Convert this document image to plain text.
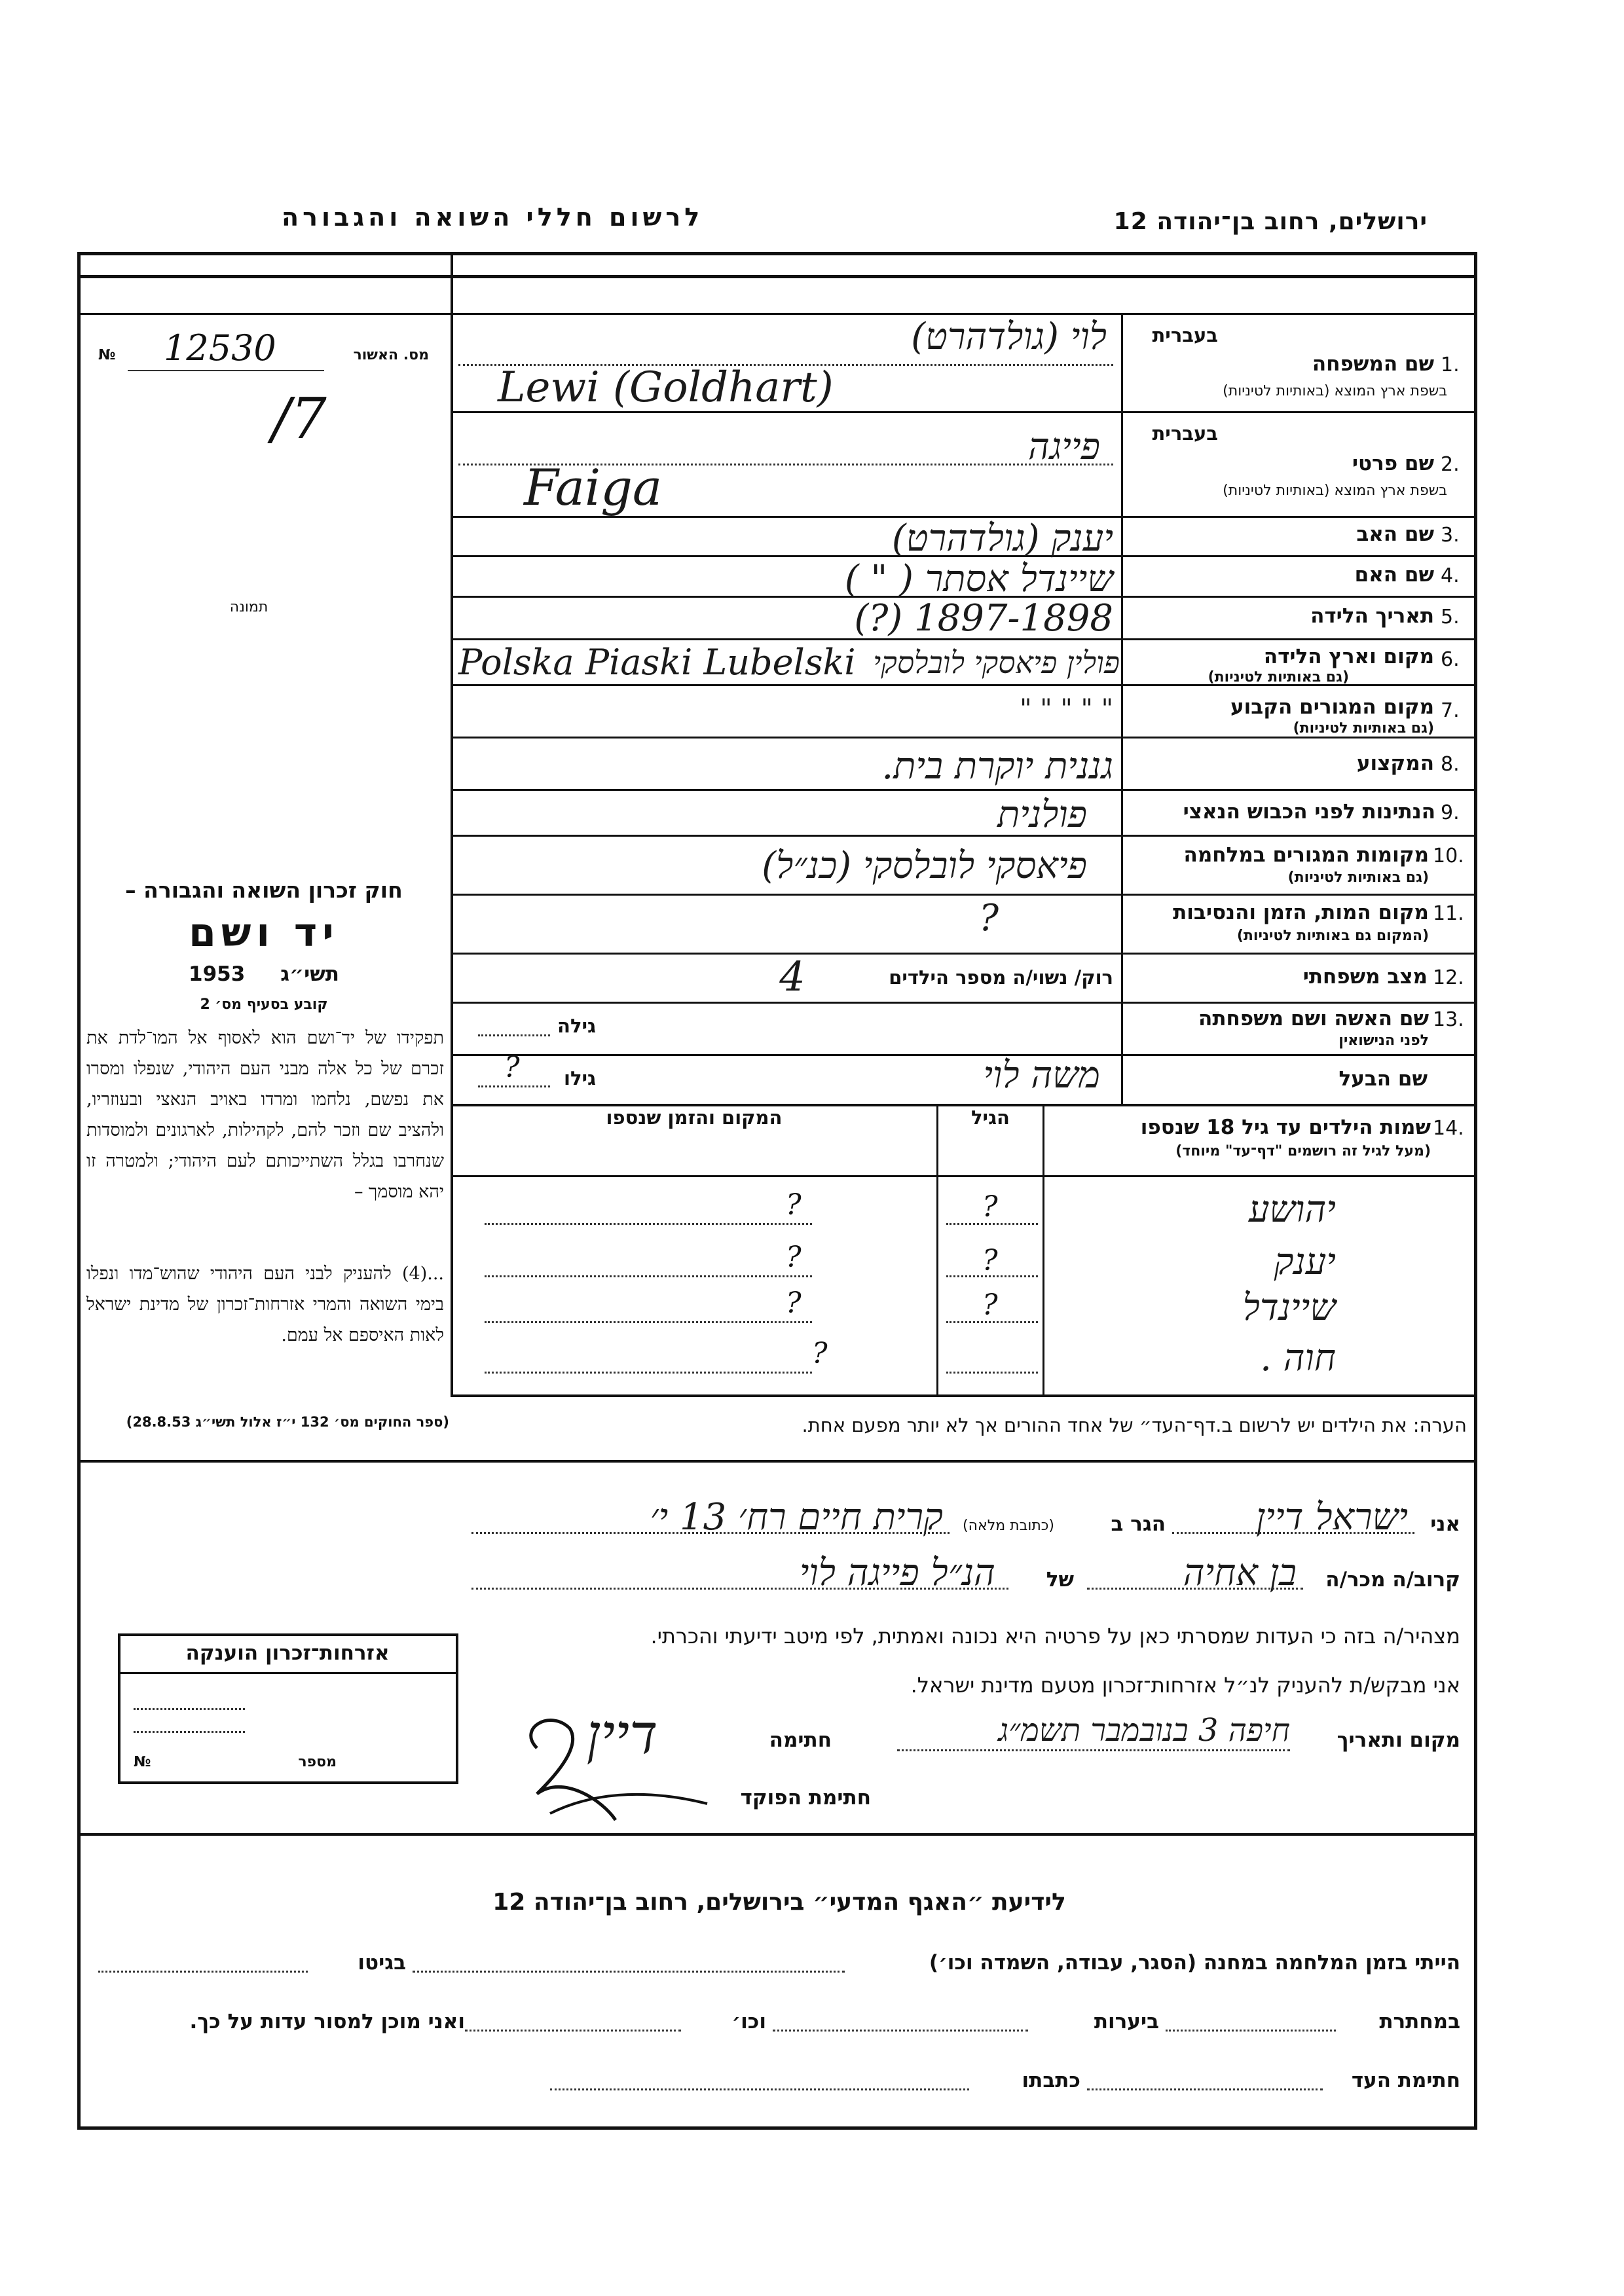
לרשום חללי השואה והגבורה	ירושלים, רחוב בן־יהודה 12
מס. האשור
12530
№
/7
תמונה
חוק זכרון השואה והגבורה –
יד ושם
תשי״ג     1953
קובע בסעיף מס׳ 2
תפקידו של יד־ושם הוא לאסוף אל המו־לדת את זכרם של כל אלה מבני העם היהודי, שנפלו ומסרו את נפשם, נלחמו ומרדו באויב הנאצי ובעוזריו, ולהציב שם וזכר להם, לקהילות, לארגונים ולמוסדות שנחרבו בגלל השתייכותם לעם היהודי; ולמטרה זו יהא מוסמך –
...(4) להעניק לבני העם היהודי שהוש־מדו ונפלו בימי השואה והמרי אזרחות־זכרון של מדינת ישראל לאות האיספם אל עמם.
(ספר החוקים מס׳ 132 י״ז אלול תשי״ג 28.8.53)
בעברית
1.
שם המשפחה
בשפת ארץ המוצא (באותיות לטיניות)
בעברית
2.
שם פרטי
בשפת ארץ המוצא (באותיות לטיניות)
3.
שם האב
4.
שם האם
5.
תאריך הלידה
6.
מקום וארץ הלידה
(גם באותיות לטיניות)
7.
מקום המגורים הקבוע
(גם באותיות לטיניות)
8.
המקצוע
9.
הנתינות לפני הכבוש הנאצי
10.
מקומות המגורים במלחמה
(גם באותיות לטיניות)
11.
מקום המות, הזמן והנסיבות
(המקום גם באותיות לטיניות)
12.
מצב משפחתי
13.
שם האשה ושם משפחתה
לפני הנישואין
שם הבעל
לוי (גולדהרט)
Lewi (Goldhart)
פייגה
Faiga
יענק (גולדהרט)
שיינדל אסתר ( " )
(?) 1897-1898
Polska Piaski Lubelski פולין פיאסקי לובלסקי
" " " " "
גננית יוקרת בית.
פולנית
פיאסקי לובלסקי (כנ״ל)
?
רוק/ נשוי/ה מספר הילדים
4
גילה
גילו
?	משה לוי
14.
שמות הילדים עד גיל 18 שנספו
(מעל לגיל זה רושמים "דף־עד" מיוחד)
הגיל
המקום והזמן שנספו
יהושע
?
?
יענק
?
?
שיינדל
?
?
חוה .
?
הערה: את הילדים יש לרשום ב.דף־העד״ של אחד ההורים אך לא יותר מפעם אחת.
אני
ישראל דיין
הגר ב
(כתובת מלאה)
קרית חיים רח׳ 13 י׳
קרוב/ה מכר/ה
בן אחיה
של
הנ״ל פייגה לוי
מצהיר/ה בזה כי העדות שמסרתי כאן על פרטיה היא נכונה ואמתית, לפי מיטב ידיעתי והכרתי.
אני מבקש/ת להעניק לנ״ל אזרחות־זכרון מטעם מדינת ישראל.
מקום ותאריך
חיפה 3 בנובמבר תשמ״ג
חתימה
דיין
חתימת הפוקד
אזרחות־זכרון הוענקה
מספר
№
לידיעת ״האגף המדעי״ בירושלים, רחוב בן־יהודה 12
הייתי בזמן המלחמה במחנה (הסגר, עבודה, השמדה וכו׳)
בגיטו
במחתרת
ביערות
וכו׳
ואני מוכן למסור עדות על כך.
חתימת העד
כתבתו
